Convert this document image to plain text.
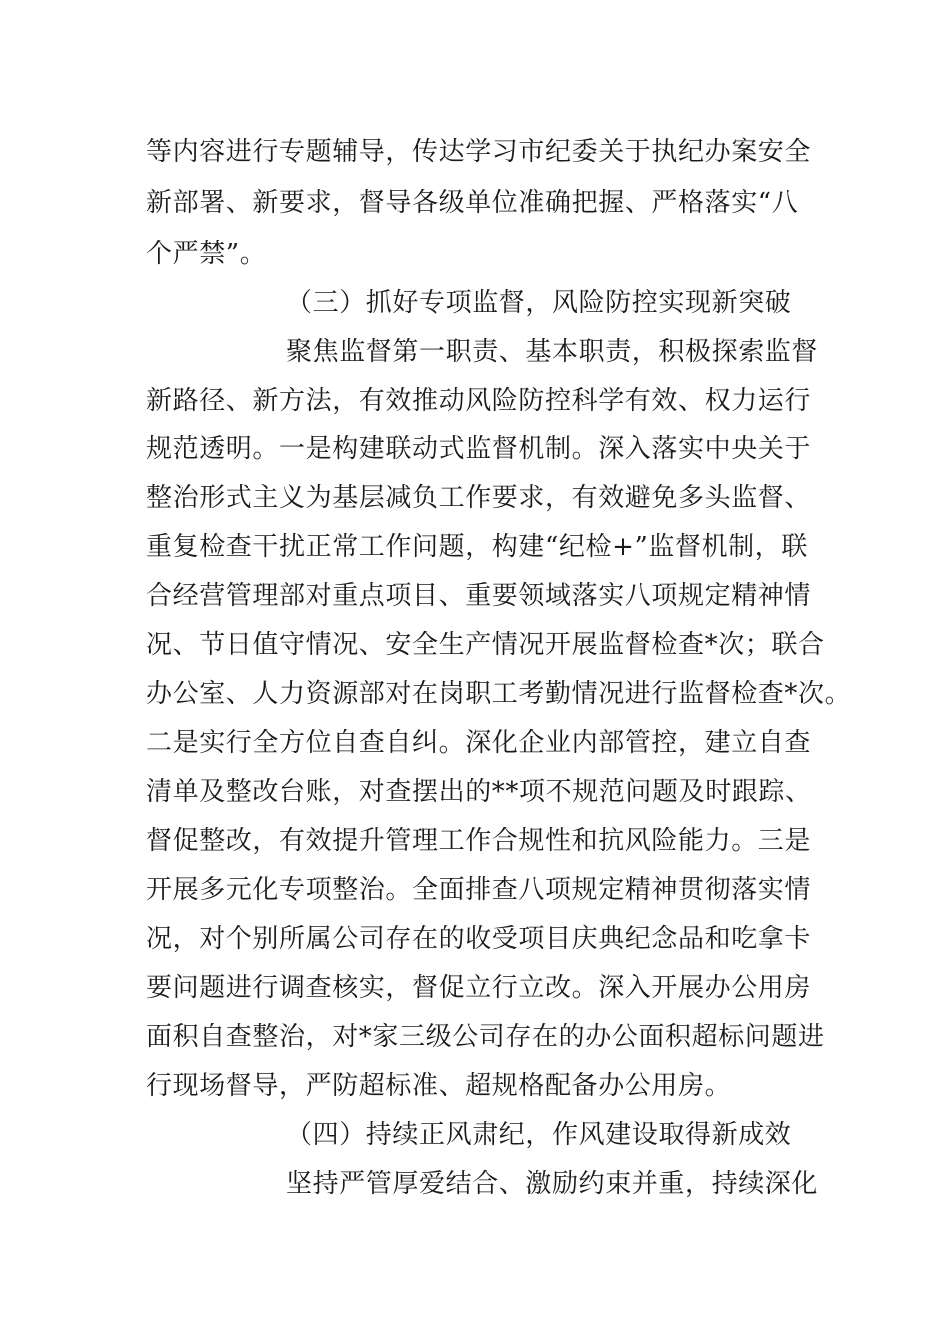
等内容进行专题辅导，传达学习市纪委关于执纪办案安全
新部署、新要求，督导各级单位准确把握、严格落实“八
个严禁”。
（三）抓好专项监督，风险防控实现新突破
聚焦监督第一职责、基本职责，积极探索监督
新路径、新方法，有效推动风险防控科学有效、权力运行
规范透明。一是构建联动式监督机制。深入落实中央关于
整治形式主义为基层减负工作要求，有效避免多头监督、
重复检查干扰正常工作问题，构建“纪检+”监督机制，联
合经营管理部对重点项目、重要领域落实八项规定精神情
况、节日值守情况、安全生产情况开展监督检查*次；联合
办公室、人力资源部对在岗职工考勤情况进行监督检查*次。
二是实行全方位自查自纠。深化企业内部管控，建立自查
清单及整改台账，对查摆出的**项不规范问题及时跟踪、
督促整改，有效提升管理工作合规性和抗风险能力。三是
开展多元化专项整治。全面排查八项规定精神贯彻落实情
况，对个别所属公司存在的收受项目庆典纪念品和吃拿卡
要问题进行调查核实，督促立行立改。深入开展办公用房
面积自查整治，对*家三级公司存在的办公面积超标问题进
行现场督导，严防超标准、超规格配备办公用房。
（四）持续正风肃纪，作风建设取得新成效
坚持严管厚爱结合、激励约束并重，持续深化
